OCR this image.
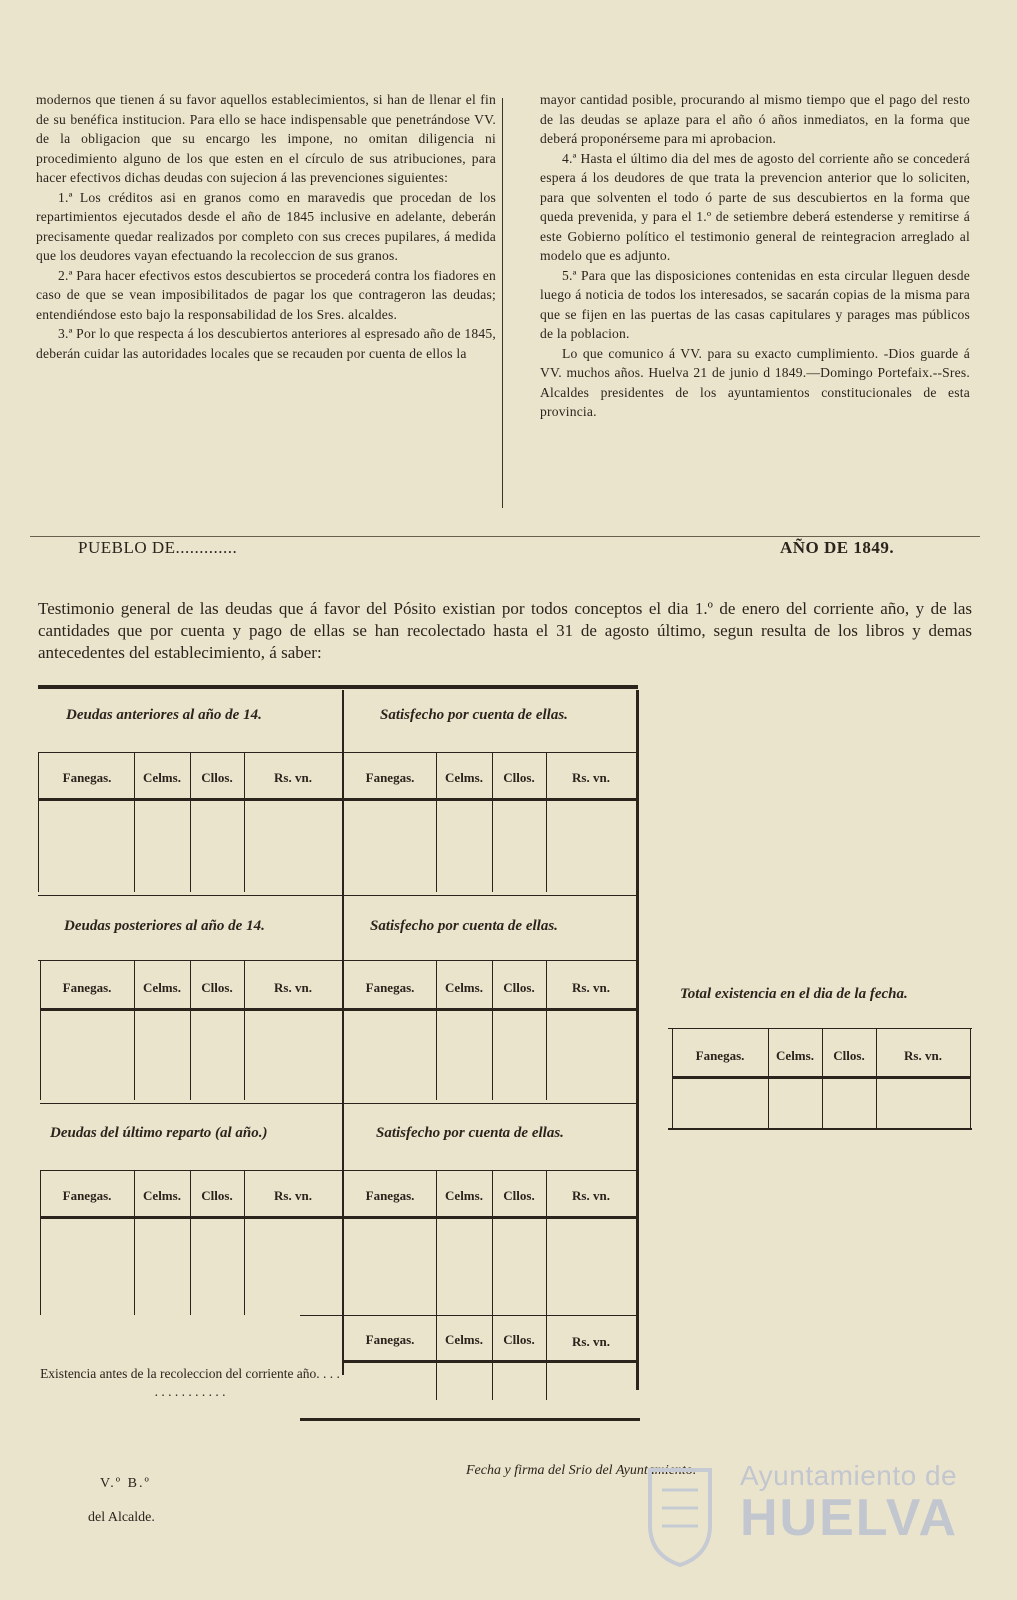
modernos que tienen á su favor aquellos establecimientos, si han de llenar el fin de su benéfica institucion. Para ello se hace indispensable que penetrándose VV. de la obligacion que su encargo les impone, no omitan diligencia ni procedimiento alguno de los que esten en el círculo de sus atribuciones, para hacer efectivos dichas deudas con sujecion á las prevenciones siguientes:

1.ª Los créditos asi en granos como en maravedis que procedan de los repartimientos ejecutados desde el año de 1845 inclusive en adelante, deberán precisamente quedar realizados por completo con sus creces pupilares, á medida que los deudores vayan efectuando la recoleccion de sus granos.

2.ª Para hacer efectivos estos descubiertos se procederá contra los fiadores en caso de que se vean imposibilitados de pagar los que contrageron las deudas; entendiéndose esto bajo la responsabilidad de los Sres. alcaldes.

3.ª Por lo que respecta á los descubiertos anteriores al espresado año de 1845, deberán cuidar las autoridades locales que se recauden por cuenta de ellos la

mayor cantidad posible, procurando al mismo tiempo que el pago del resto de las deudas se aplaze para el año ó años inmediatos, en la forma que deberá proponérseme para mi aprobacion.

4.ª Hasta el último dia del mes de agosto del corriente año se concederá espera á los deudores de que trata la prevencion anterior que lo soliciten, para que solventen el todo ó parte de sus descubiertos en la forma que queda prevenida, y para el 1.º de setiembre deberá estenderse y remitirse á este Gobierno político el testimonio general de reintegracion arreglado al modelo que es adjunto.

5.ª Para que las disposiciones contenidas en esta circular lleguen desde luego á noticia de todos los interesados, se sacarán copias de la misma para que se fijen en las puertas de las casas capitulares y parages mas públicos de la poblacion.

Lo que comunico á VV. para su exacto cumplimiento. -Dios guarde á VV. muchos años. Huelva 21 de junio d 1849.—Domingo Portefaix.--Sres. Alcaldes presidentes de los ayuntamientos constitucionales de esta provincia.

PUEBLO DE.............	AÑO DE 1849.

Testimonio general de las deudas que á favor del Pósito existian por todos conceptos el dia 1.º de enero del corriente año, y de las cantidades que por cuenta y pago de ellas se han recolectado hasta el 31 de agosto último, segun resulta de los libros y demas antecedentes del establecimiento, á saber:

Deudas anteriores al año de 14.	Satisfecho por cuenta de ellas.
Fanegas.	Celms.	Cllos.	Rs. vn.	Fanegas.	Celms.	Cllos.	Rs. vn.
Deudas posteriores al año de 14.	Satisfecho por cuenta de ellas.
Fanegas.	Celms.	Cllos.	Rs. vn.	Fanegas.	Celms.	Cllos.	Rs. vn.
Deudas del último reparto (al año.)	Satisfecho por cuenta de ellas.
Fanegas.	Celms.	Cllos.	Rs. vn.	Fanegas.	Celms.	Cllos.	Rs. vn.
Fanegas.	Celms.	Cllos.	Rs. vn.
Existencia antes de la recoleccion del corriente año. . . . . . . . . . . . . . .
Total existencia en el dia de la fecha.
Fanegas.	Celms.	Cllos.	Rs. vn.
V.º B.º
del Alcalde.
Fecha y firma del Srio del Ayuntamiento. Ayuntamiento de
HUELVA
